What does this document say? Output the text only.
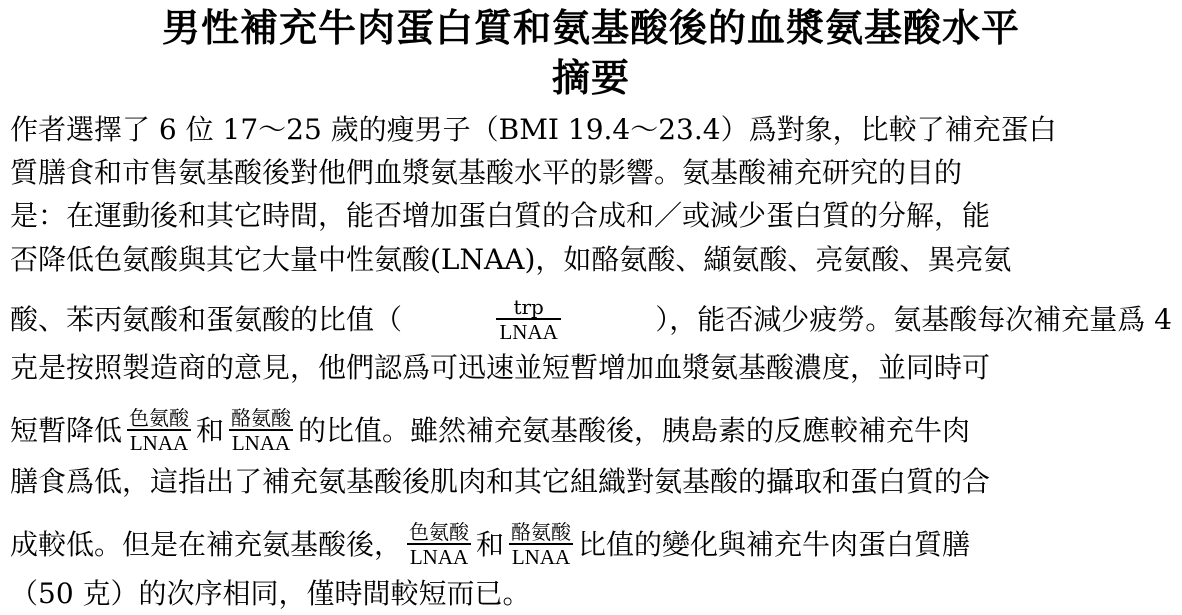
男性補充牛肉蛋白質和氨基酸後的血漿氨基酸水平
摘要
作者選擇了 6 位 17～25 歲的瘦男子（BMI 19.4～23.4）爲對象，比較了補充蛋白
質膳食和市售氨基酸後對他們血漿氨基酸水平的影響。氨基酸補充研究的目的
是：在運動後和其它時間，能否增加蛋白質的合成和／或減少蛋白質的分解，能
否降低色氨酸與其它大量中性氨酸(LNAA)，如酪氨酸、纈氨酸、亮氨酸、異亮氨
酸、苯丙氨酸和蛋氨酸的比值（	$\frac{\text{trp}}{\text{LNAA}}$	），能否減少疲勞。氨基酸每次補充量爲 4
克是按照製造商的意見，他們認爲可迅速並短暫增加血漿氨基酸濃度，並同時可
短暫降低 $\frac{\text{色氨酸}}{\text{LNAA}}$ 和 $\frac{\text{酪氨酸}}{\text{LNAA}}$ 的比值。雖然補充氨基酸後，胰島素的反應較補充牛肉
膳食爲低，這指出了補充氨基酸後肌肉和其它組織對氨基酸的攝取和蛋白質的合
成較低。但是在補充氨基酸後， $\frac{\text{色氨酸}}{\text{LNAA}}$ 和 $\frac{\text{酪氨酸}}{\text{LNAA}}$ 比值的變化與補充牛肉蛋白質膳
（50 克）的次序相同，僅時間較短而已。
